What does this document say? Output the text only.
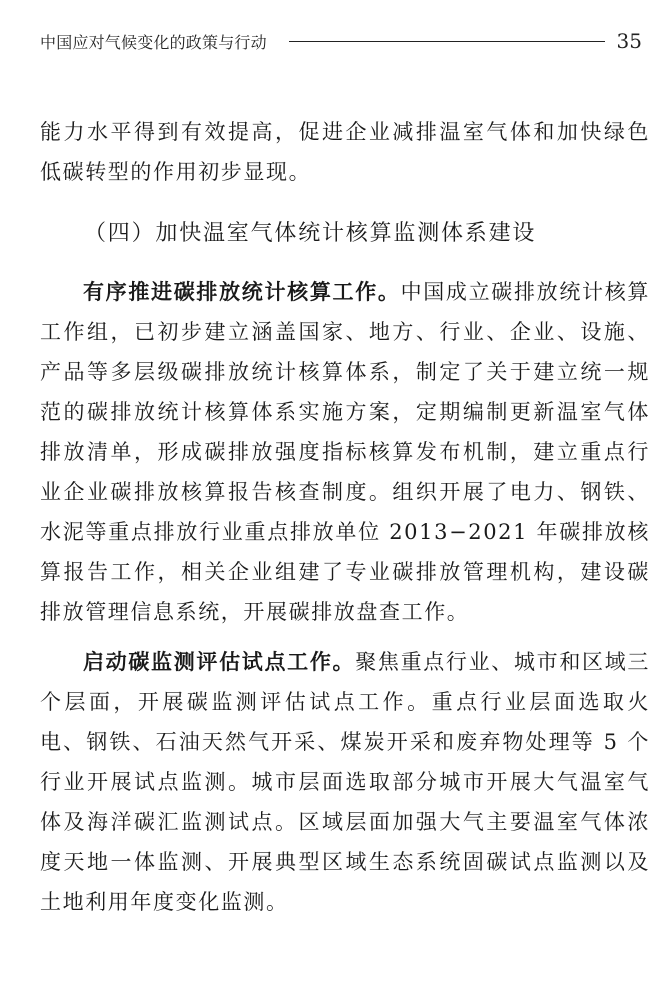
中国应对气候变化的政策与行动	35

能力水平得到有效提高，促进企业减排温室气体和加快绿色低碳转型的作用初步显现。

（四）加快温室气体统计核算监测体系建设

有序推进碳排放统计核算工作。中国成立碳排放统计核算工作组，已初步建立涵盖国家、地方、行业、企业、设施、产品等多层级碳排放统计核算体系，制定了关于建立统一规范的碳排放统计核算体系实施方案，定期编制更新温室气体排放清单，形成碳排放强度指标核算发布机制，建立重点行业企业碳排放核算报告核查制度。组织开展了电力、钢铁、水泥等重点排放行业重点排放单位 2013−2021 年碳排放核算报告工作，相关企业组建了专业碳排放管理机构，建设碳排放管理信息系统，开展碳排放盘查工作。

启动碳监测评估试点工作。聚焦重点行业、城市和区域三个层面，开展碳监测评估试点工作。重点行业层面选取火电、钢铁、石油天然气开采、煤炭开采和废弃物处理等 5 个行业开展试点监测。城市层面选取部分城市开展大气温室气体及海洋碳汇监测试点。区域层面加强大气主要温室气体浓度天地一体监测、开展典型区域生态系统固碳试点监测以及土地利用年度变化监测。
